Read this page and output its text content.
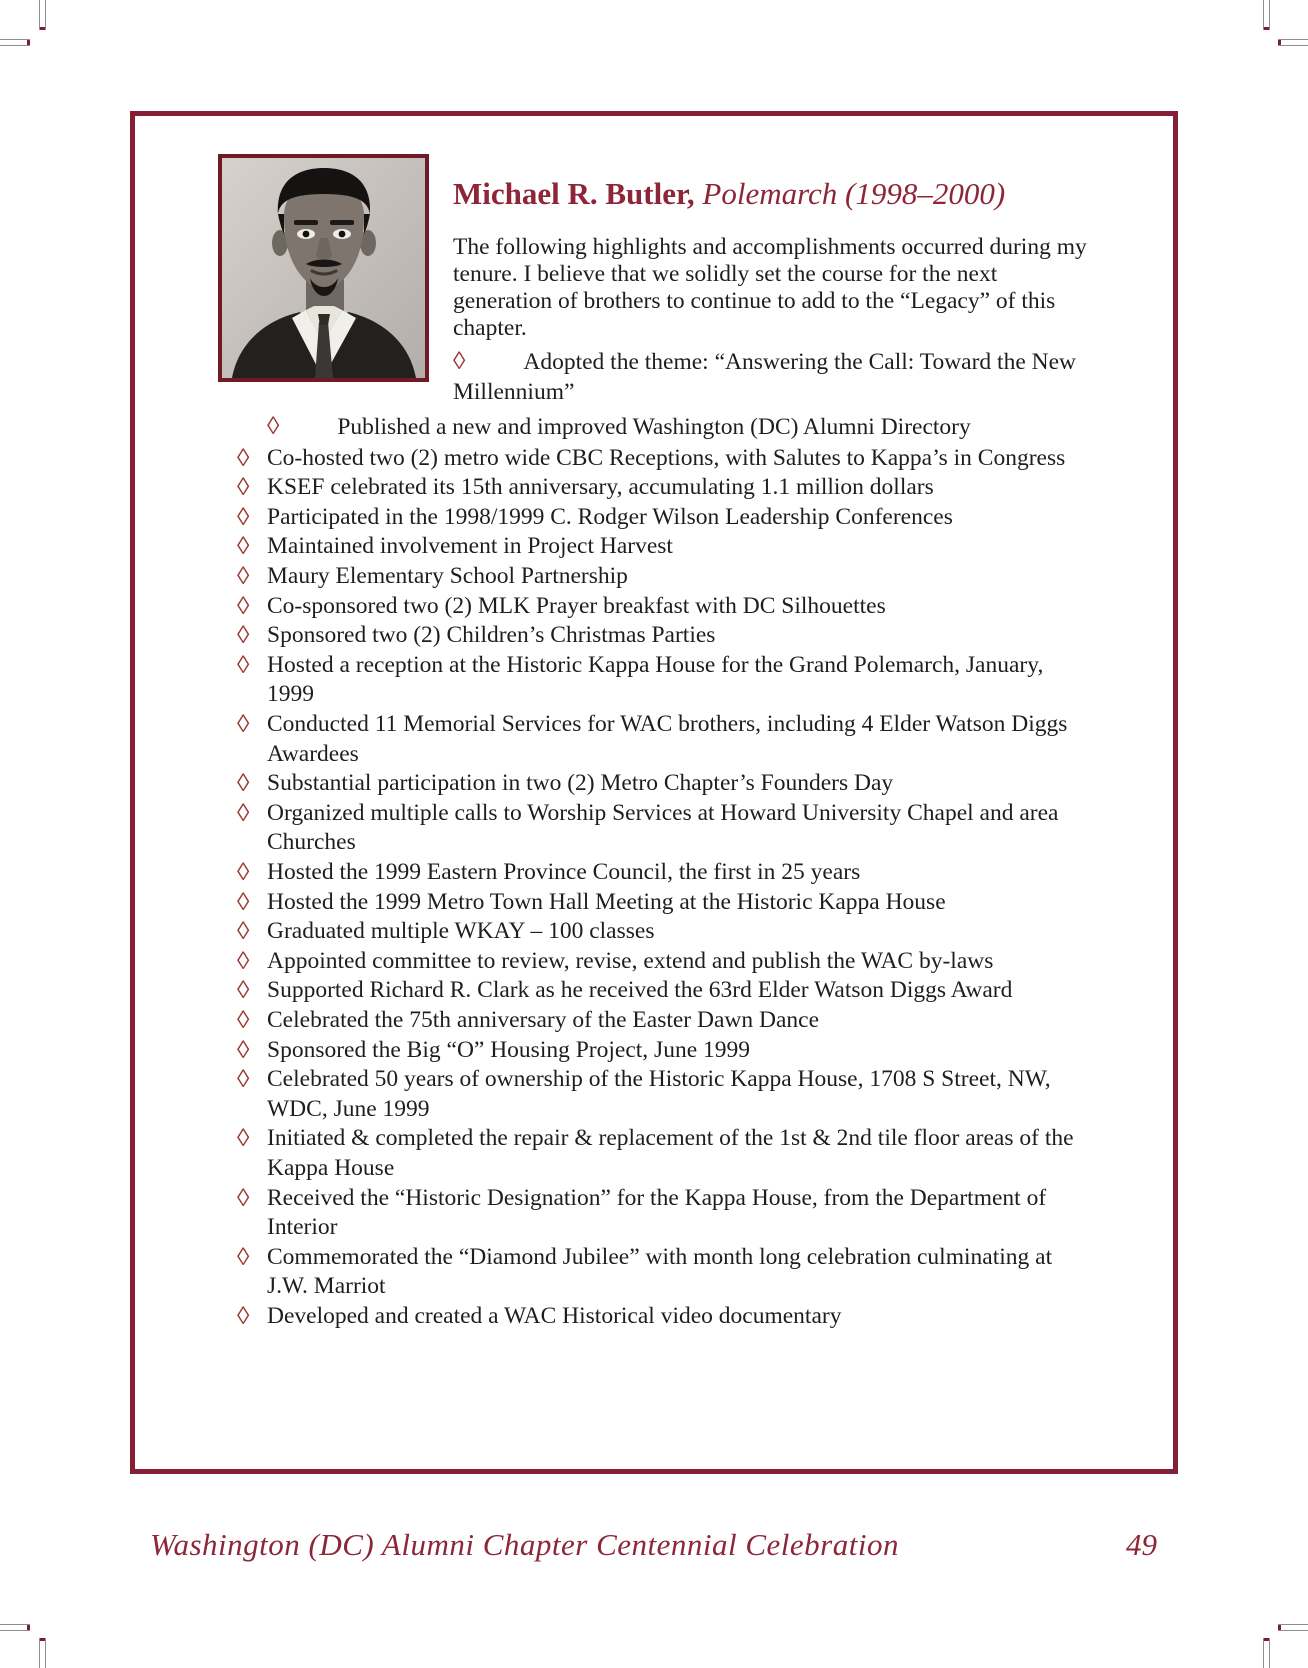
Michael R. Butler, Polemarch (1998–2000)

The following highlights and accomplishments occurred during my tenure. I believe that we solidly set the course for the next generation of brothers to continue to add to the “Legacy” of this chapter.

◊ Adopted the theme: “Answering the Call: Toward the New Millennium”

◊ Published a new and improved Washington (DC) Alumni Directory

◊ Co-hosted two (2) metro wide CBC Receptions, with Salutes to Kappa’s in Congress
◊ KSEF celebrated its 15th anniversary, accumulating 1.1 million dollars
◊ Participated in the 1998/1999 C. Rodger Wilson Leadership Conferences
◊ Maintained involvement in Project Harvest
◊ Maury Elementary School Partnership
◊ Co-sponsored two (2) MLK Prayer breakfast with DC Silhouettes
◊ Sponsored two (2) Children’s Christmas Parties
◊ Hosted a reception at the Historic Kappa House for the Grand Polemarch, January, 1999
◊ Conducted 11 Memorial Services for WAC brothers, including 4 Elder Watson Diggs Awardees
◊ Substantial participation in two (2) Metro Chapter’s Founders Day
◊ Organized multiple calls to Worship Services at Howard University Chapel and area Churches
◊ Hosted the 1999 Eastern Province Council, the first in 25 years
◊ Hosted the 1999 Metro Town Hall Meeting at the Historic Kappa House
◊ Graduated multiple WKAY – 100 classes
◊ Appointed committee to review, revise, extend and publish the WAC by-laws
◊ Supported Richard R. Clark as he received the 63rd Elder Watson Diggs Award
◊ Celebrated the 75th anniversary of the Easter Dawn Dance
◊ Sponsored the Big “O” Housing Project, June 1999
◊ Celebrated 50 years of ownership of the Historic Kappa House, 1708 S Street, NW, WDC, June 1999
◊ Initiated & completed the repair & replacement of the 1st & 2nd tile floor areas of the Kappa House
◊ Received the “Historic Designation” for the Kappa House, from the Department of Interior
◊ Commemorated the “Diamond Jubilee” with month long celebration culminating at J.W. Marriot
◊ Developed and created a WAC Historical video documentary
Washington (DC) Alumni Chapter Centennial Celebration	49
